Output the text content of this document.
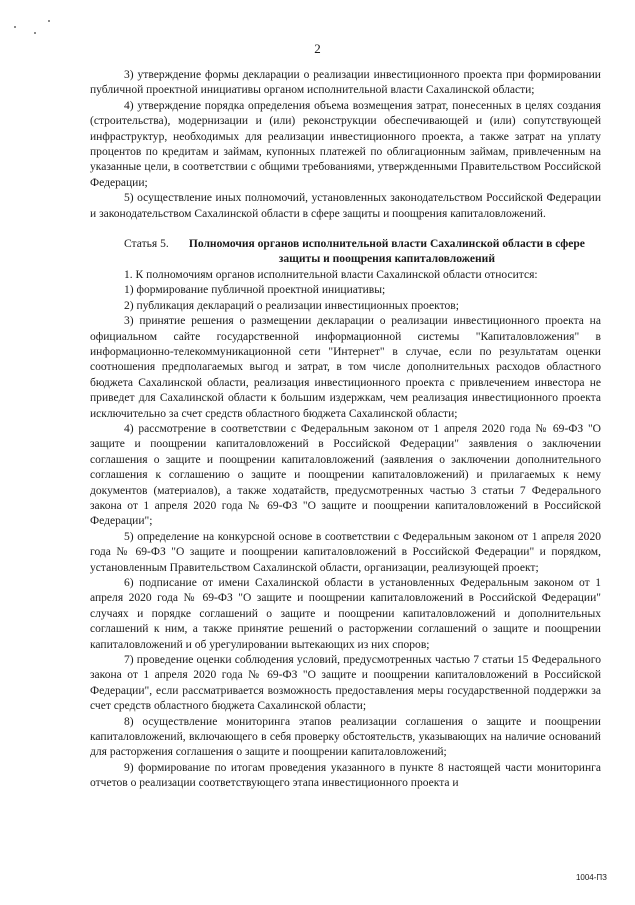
2

3) утверждение формы декларации о реализации инвестиционного проекта при формировании публичной проектной инициативы органом исполнительной власти Сахалинской области;

4) утверждение порядка определения объема возмещения затрат, понесенных в целях создания (строительства), модернизации и (или) реконструкции обеспечивающей и (или) сопутствующей инфраструктур, необходимых для реализации инвестиционного проекта, а также затрат на уплату процентов по кредитам и займам, купонных платежей по облигационным займам, привлеченным на указанные цели, в соответствии с общими требованиями, утвержденными Правительством Российской Федерации;

5) осуществление иных полномочий, установленных законодательством Российской Федерации и законодательством Сахалинской области в сфере защиты и поощрения капиталовложений.

Статья 5.	Полномочия органов исполнительной власти Сахалинской области в сфере защиты и поощрения капиталовложений

1. К полномочиям органов исполнительной власти Сахалинской области относится:

1) формирование публичной проектной инициативы;

2) публикация деклараций о реализации инвестиционных проектов;

3) принятие решения о размещении декларации о реализации инвестиционного проекта на официальном сайте государственной информационной системы "Капиталовложения" в информационно-телекоммуникационной сети "Интернет" в случае, если по результатам оценки соотношения предполагаемых выгод и затрат, в том числе дополнительных расходов областного бюджета Сахалинской области, реализация инвестиционного проекта с привлечением инвестора не приведет для Сахалинской области к большим издержкам, чем реализация инвестиционного проекта исключительно за счет средств областного бюджета Сахалинской области;

4) рассмотрение в соответствии с Федеральным законом от 1 апреля 2020 года № 69-ФЗ "О защите и поощрении капиталовложений в Российской Федерации" заявления о заключении соглашения о защите и поощрении капиталовложений (заявления о заключении дополнительного соглашения к соглашению о защите и поощрении капиталовложений) и прилагаемых к нему документов (материалов), а также ходатайств, предусмотренных частью 3 статьи 7 Федерального закона от 1 апреля 2020 года № 69-ФЗ "О защите и поощрении капиталовложений в Российской Федерации";

5) определение на конкурсной основе в соответствии с Федеральным законом от 1 апреля 2020 года № 69-ФЗ "О защите и поощрении капиталовложений в Российской Федерации" и порядком, установленным Правительством Сахалинской области, организации, реализующей проект;

6) подписание от имени Сахалинской области в установленных Федеральным законом от 1 апреля 2020 года № 69-ФЗ "О защите и поощрении капиталовложений в Российской Федерации" случаях и порядке соглашений о защите и поощрении капиталовложений и дополнительных соглашений к ним, а также принятие решений о расторжении соглашений о защите и поощрении капиталовложений и об урегулировании вытекающих из них споров;

7) проведение оценки соблюдения условий, предусмотренных частью 7 статьи 15 Федерального закона от 1 апреля 2020 года № 69-ФЗ "О защите и поощрении капиталовложений в Российской Федерации", если рассматривается возможность предоставления меры государственной поддержки за счет средств областного бюджета Сахалинской области;

8) осуществление мониторинга этапов реализации соглашения о защите и поощрении капиталовложений, включающего в себя проверку обстоятельств, указывающих на наличие оснований для расторжения соглашения о защите и поощрении капиталовложений;

9) формирование по итогам проведения указанного в пункте 8 настоящей части мониторинга отчетов о реализации соответствующего этапа инвестиционного проекта и

1004-ПЗ
